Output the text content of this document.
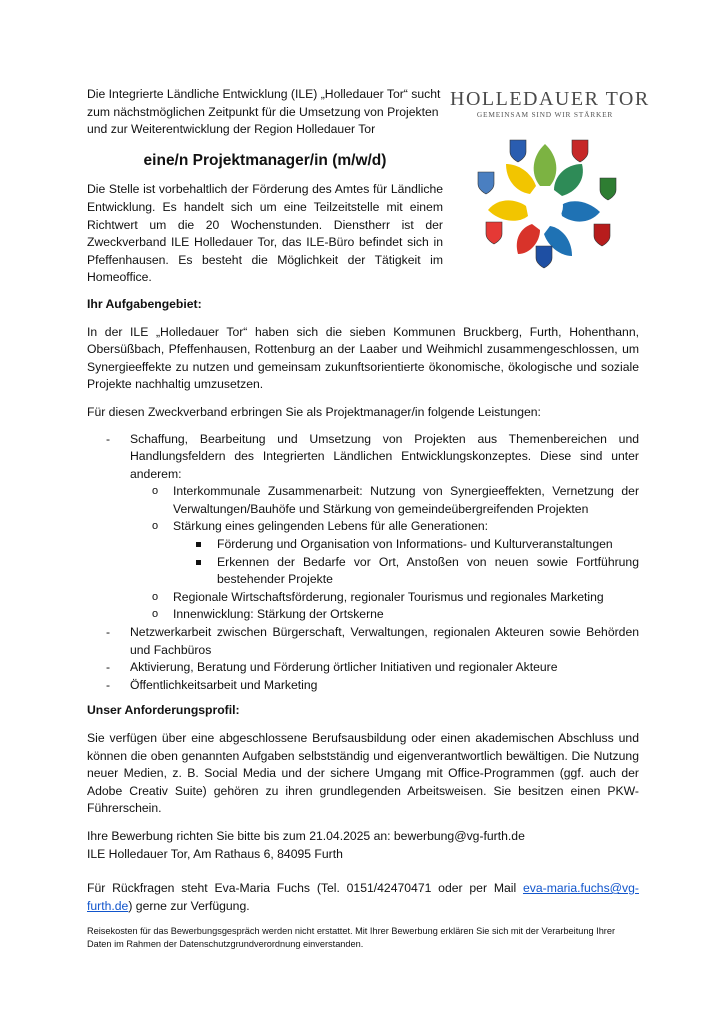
HOLLEDAUER TOR
GEMEINSAM SIND WIR STÄRKER

Die Integrierte Ländliche Entwicklung (ILE) „Holledauer Tor“ sucht zum nächstmöglichen Zeitpunkt für die Umsetzung von Projekten und zur Weiterentwicklung der Region Holledauer Tor

eine/n Projektmanager/in (m/w/d)

Die Stelle ist vorbehaltlich der Förderung des Amtes für Ländliche Entwicklung. Es handelt sich um eine Teilzeitstelle mit einem Richtwert um die 20 Wochenstunden. Dienstherr ist der Zweckverband ILE Holledauer Tor, das ILE-Büro befindet sich in Pfeffenhausen. Es besteht die Möglichkeit der Tätigkeit im Homeoffice.

Ihr Aufgabengebiet:

In der ILE „Holledauer Tor“ haben sich die sieben Kommunen Bruckberg, Furth, Hohenthann, Obersüßbach, Pfeffenhausen, Rottenburg an der Laaber und Weihmichl zusammengeschlossen, um Synergieeffekte zu nutzen und gemeinsam zukunftsorientierte ökonomische, ökologische und soziale Projekte nachhaltig umzusetzen.

Für diesen Zweckverband erbringen Sie als Projektmanager/in folgende Leistungen:

- Schaffung, Bearbeitung und Umsetzung von Projekten aus Themenbereichen und Handlungsfeldern des Integrierten Ländlichen Entwicklungskonzeptes. Diese sind unter anderem:
o Interkommunale Zusammenarbeit: Nutzung von Synergieeffekten, Vernetzung der Verwaltungen/Bauhöfe und Stärkung von gemeindeübergreifenden Projekten
o Stärkung eines gelingenden Lebens für alle Generationen:
Förderung und Organisation von Informations- und Kulturveranstaltungen
Erkennen der Bedarfe vor Ort, Anstoßen von neuen sowie Fortführung bestehender Projekte
o Regionale Wirtschaftsförderung, regionaler Tourismus und regionales Marketing
o Innenwicklung: Stärkung der Ortskerne
- Netzwerkarbeit zwischen Bürgerschaft, Verwaltungen, regionalen Akteuren sowie Behörden und Fachbüros
- Aktivierung, Beratung und Förderung örtlicher Initiativen und regionaler Akteure
- Öffentlichkeitsarbeit und Marketing
Unser Anforderungsprofil:

Sie verfügen über eine abgeschlossene Berufsausbildung oder einen akademischen Abschluss und können die oben genannten Aufgaben selbstständig und eigenverantwortlich bewältigen. Die Nutzung neuer Medien, z. B. Social Media und der sichere Umgang mit Office-Programmen (ggf. auch der Adobe Creativ Suite) gehören zu ihren grundlegenden Arbeitsweisen. Sie besitzen einen PKW-Führerschein.

Ihre Bewerbung richten Sie bitte bis zum 21.04.2025 an: bewerbung@vg-furth.de

ILE Holledauer Tor, Am Rathaus 6, 84095 Furth

Für Rückfragen steht Eva-Maria Fuchs (Tel. 0151/42470471 oder per Mail eva-maria.fuchs@vg-furth.de) gerne zur Verfügung.

Reisekosten für das Bewerbungsgespräch werden nicht erstattet. Mit Ihrer Bewerbung erklären Sie sich mit der Verarbeitung Ihrer Daten im Rahmen der Datenschutzgrundverordnung einverstanden.
